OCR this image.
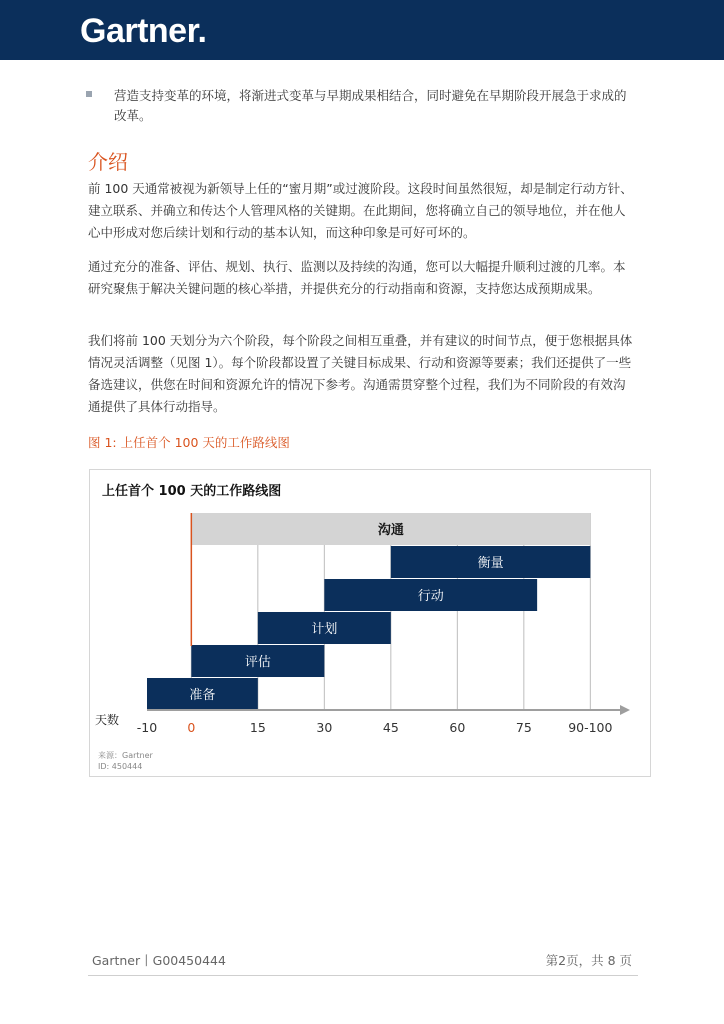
Gartner.
营造支持变革的环境，将渐进式变革与早期成果相结合，同时避免在早期阶段开展急于求成的改革。
介绍
前 100 天通常被视为新领导上任的“蜜月期”或过渡阶段。这段时间虽然很短，却是制定行动方针、建立联系、并确立和传达个人管理风格的关键期。在此期间，您将确立自己的领导地位，并在他人心中形成对您后续计划和行动的基本认知，而这种印象是可好可坏的。
通过充分的准备、评估、规划、执行、监测以及持续的沟通，您可以大幅提升顺利过渡的几率。本研究聚焦于解决关键问题的核心举措，并提供充分的行动指南和资源，支持您达成预期成果。
我们将前 100 天划分为六个阶段，每个阶段之间相互重叠，并有建议的时间节点，便于您根据具体情况灵活调整（见图 1）。每个阶段都设置了关键目标成果、行动和资源等要素；我们还提供了一些备选建议，供您在时间和资源允许的情况下参考。沟通需贯穿整个过程，我们为不同阶段的有效沟通提供了具体行动指导。
图 1: 上任首个 100 天的工作路线图
上任首个 100 天的工作路线图
沟通
衡量
行动
计划
评估
准备
-10 0	15	30	45	60	75	90-100
天数
来源：Gartner
ID: 450444
Gartner丨G00450444	第2页，共 8 页
